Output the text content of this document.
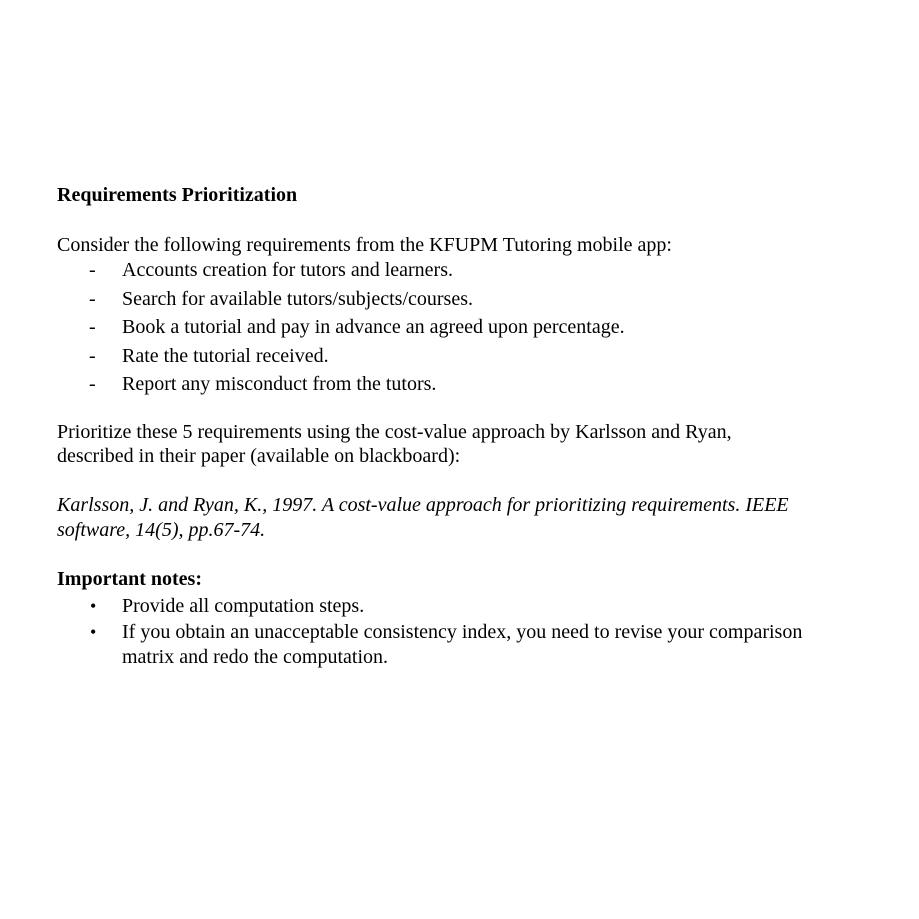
Requirements Prioritization
Consider the following requirements from the KFUPM Tutoring mobile app:
- Accounts creation for tutors and learners.
- Search for available tutors/subjects/courses.
- Book a tutorial and pay in advance an agreed upon percentage.
- Rate the tutorial received.
- Report any misconduct from the tutors.
Prioritize these 5 requirements using the cost-value approach by Karlsson and Ryan,
described in their paper (available on blackboard):
Karlsson, J. and Ryan, K., 1997. A cost-value approach for prioritizing requirements. IEEE
software, 14(5), pp.67-74.
Important notes:
• Provide all computation steps.
• If you obtain an unacceptable consistency index, you need to revise your comparison
matrix and redo the computation.
